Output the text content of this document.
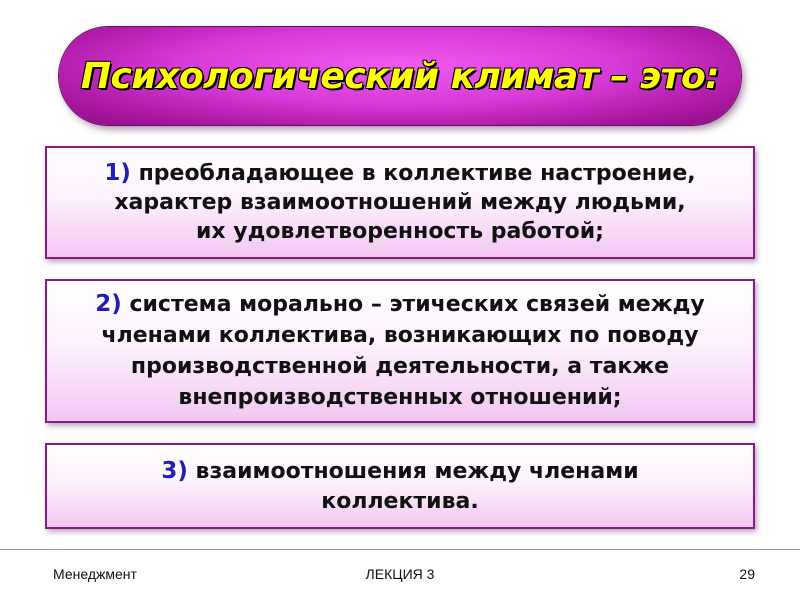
Психологический климат – это:
1) преобладающее в коллективе настроение,
характер взаимоотношений между людьми,
их удовлетворенность работой;
2) система морально – этических связей между
членами коллектива, возникающих по поводу
производственной деятельности, а также
внепроизводственных отношений;
3) взаимоотношения между членами
коллектива.
Менеджмент	ЛЕКЦИЯ 3	29
